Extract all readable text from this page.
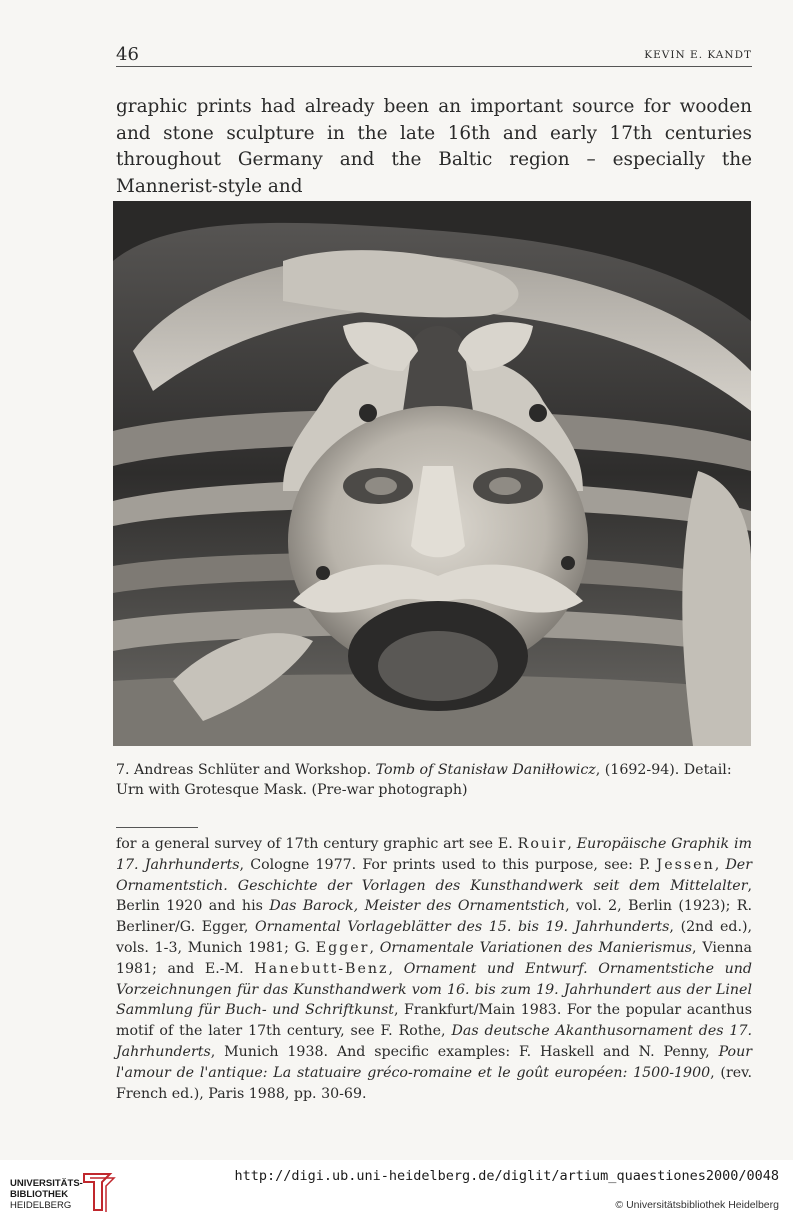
46	KEVIN E. KANDT

graphic prints had already been an important source for wooden and stone sculpture in the late 16th and early 17th centuries throughout Germany and the Baltic region – especially the Mannerist-style and

7. Andreas Schlüter and Workshop. Tomb of Stanisław Daniłłowicz, (1692-94). Detail: Urn with Grotesque Mask. (Pre-war photograph)

for a general survey of 17th century graphic art see E. Rouir, Europäische Graphik im 17. Jahrhunderts, Cologne 1977. For prints used to this purpose, see: P. Jessen, Der Ornamentstich. Geschichte der Vorlagen des Kunsthandwerk seit dem Mittelalter, Berlin 1920 and his Das Barock, Meister des Ornamentstich, vol. 2, Berlin (1923); R. Berliner/G. Egger, Ornamental Vorlageblätter des 15. bis 19. Jahrhunderts, (2nd ed.), vols. 1-3, Munich 1981; G. Egger, Ornamentale Variationen des Manierismus, Vienna 1981; and E.-M. Hanebutt-Benz, Ornament und Entwurf. Ornamentstiche und Vorzeichnungen für das Kunsthandwerk vom 16. bis zum 19. Jahrhundert aus der Linel Sammlung für Buch- und Schriftkunst, Frankfurt/Main 1983. For the popular acanthus motif of the later 17th century, see F. Rothe, Das deutsche Akanthusornament des 17. Jahrhunderts, Munich 1938. And specific examples: F. Haskell and N. Penny, Pour l'amour de l'antique: La statuaire gréco-romaine et le goût européen: 1500-1900, (rev. French ed.), Paris 1988, pp. 30-69.

UNIVERSITÄTS-
BIBLIOTHEK
HEIDELBERG
http://digi.ub.uni-heidelberg.de/diglit/artium_quaestiones2000/0048
© Universitätsbibliothek Heidelberg
